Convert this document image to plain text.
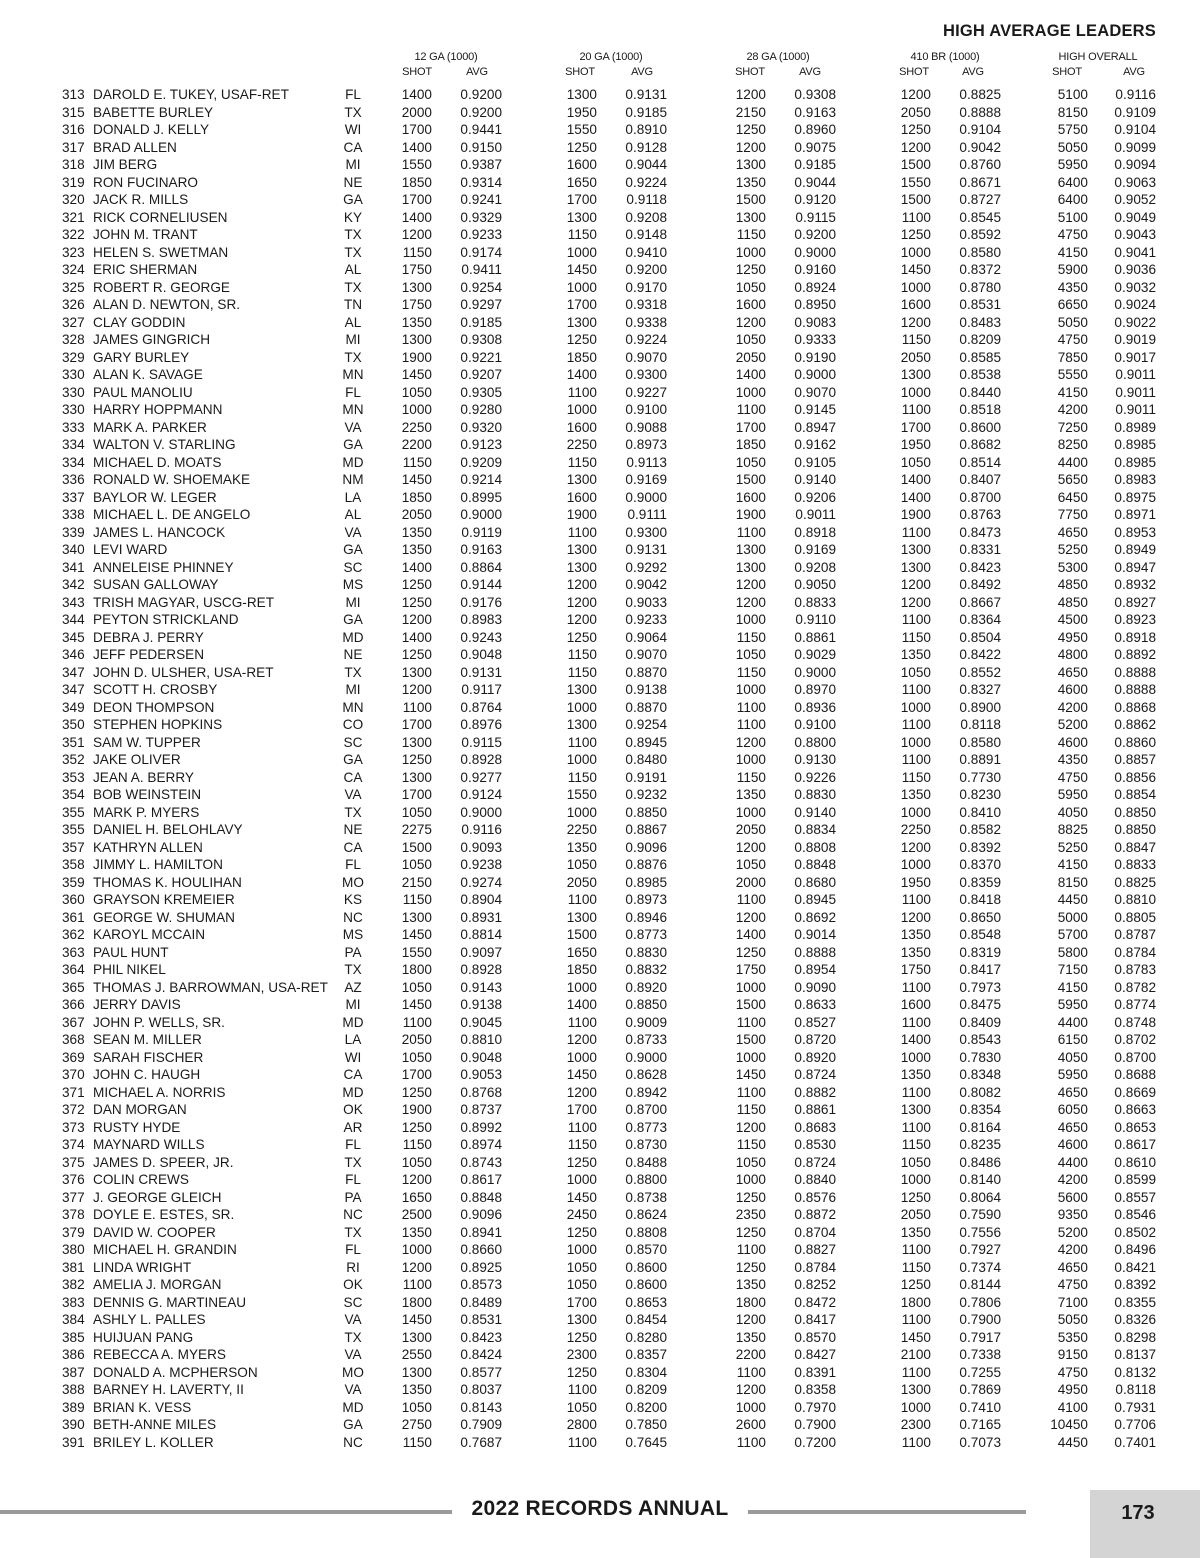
HIGH AVERAGE LEADERS
12 GA (1000)	20 GA (1000)	28 GA (1000)	410 BR (1000)	HIGH OVERALL
SHOT	AVG	SHOT	AVG	SHOT	AVG	SHOT	AVG	SHOT	AVG
313 DAROLD E. TUKEY, USAF-RET	FL	1400	0.9200	1300	0.9131	1200	0.9308	1200	0.8825	5100	0.9116
315 BABETTE BURLEY	TX	2000	0.9200	1950	0.9185	2150	0.9163	2050	0.8888	8150	0.9109
316 DONALD J. KELLY	WI	1700	0.9441	1550	0.8910	1250	0.8960	1250	0.9104	5750	0.9104
317 BRAD ALLEN	CA	1400	0.9150	1250	0.9128	1200	0.9075	1200	0.9042	5050	0.9099
318 JIM BERG	MI	1550	0.9387	1600	0.9044	1300	0.9185	1500	0.8760	5950	0.9094
319 RON FUCINARO	NE	1850	0.9314	1650	0.9224	1350	0.9044	1550	0.8671	6400	0.9063
320 JACK R. MILLS	GA	1700	0.9241	1700	0.9118	1500	0.9120	1500	0.8727	6400	0.9052
321 RICK CORNELIUSEN	KY	1400	0.9329	1300	0.9208	1300	0.9115	1100	0.8545	5100	0.9049
322 JOHN M. TRANT	TX	1200	0.9233	1150	0.9148	1150	0.9200	1250	0.8592	4750	0.9043
323 HELEN S. SWETMAN	TX	1150	0.9174	1000	0.9410	1000	0.9000	1000	0.8580	4150	0.9041
324 ERIC SHERMAN	AL	1750	0.9411	1450	0.9200	1250	0.9160	1450	0.8372	5900	0.9036
325 ROBERT R. GEORGE	TX	1300	0.9254	1000	0.9170	1050	0.8924	1000	0.8780	4350	0.9032
326 ALAN D. NEWTON, SR.	TN	1750	0.9297	1700	0.9318	1600	0.8950	1600	0.8531	6650	0.9024
327 CLAY GODDIN	AL	1350	0.9185	1300	0.9338	1200	0.9083	1200	0.8483	5050	0.9022
328 JAMES GINGRICH	MI	1300	0.9308	1250	0.9224	1050	0.9333	1150	0.8209	4750	0.9019
329 GARY BURLEY	TX	1900	0.9221	1850	0.9070	2050	0.9190	2050	0.8585	7850	0.9017
330 ALAN K. SAVAGE	MN	1450	0.9207	1400	0.9300	1400	0.9000	1300	0.8538	5550	0.9011
330 PAUL MANOLIU	FL	1050	0.9305	1100	0.9227	1000	0.9070	1000	0.8440	4150	0.9011
330 HARRY HOPPMANN	MN	1000	0.9280	1000	0.9100	1100	0.9145	1100	0.8518	4200	0.9011
333 MARK A. PARKER	VA	2250	0.9320	1600	0.9088	1700	0.8947	1700	0.8600	7250	0.8989
334 WALTON V. STARLING	GA	2200	0.9123	2250	0.8973	1850	0.9162	1950	0.8682	8250	0.8985
334 MICHAEL D. MOATS	MD	1150	0.9209	1150	0.9113	1050	0.9105	1050	0.8514	4400	0.8985
336 RONALD W. SHOEMAKE	NM	1450	0.9214	1300	0.9169	1500	0.9140	1400	0.8407	5650	0.8983
337 BAYLOR W. LEGER	LA	1850	0.8995	1600	0.9000	1600	0.9206	1400	0.8700	6450	0.8975
338 MICHAEL L. DE ANGELO	AL	2050	0.9000	1900	0.9111	1900	0.9011	1900	0.8763	7750	0.8971
339 JAMES L. HANCOCK	VA	1350	0.9119	1100	0.9300	1100	0.8918	1100	0.8473	4650	0.8953
340 LEVI WARD	GA	1350	0.9163	1300	0.9131	1300	0.9169	1300	0.8331	5250	0.8949
341 ANNELEISE PHINNEY	SC	1400	0.8864	1300	0.9292	1300	0.9208	1300	0.8423	5300	0.8947
342 SUSAN GALLOWAY	MS	1250	0.9144	1200	0.9042	1200	0.9050	1200	0.8492	4850	0.8932
343 TRISH MAGYAR, USCG-RET	MI	1250	0.9176	1200	0.9033	1200	0.8833	1200	0.8667	4850	0.8927
344 PEYTON STRICKLAND	GA	1200	0.8983	1200	0.9233	1000	0.9110	1100	0.8364	4500	0.8923
345 DEBRA J. PERRY	MD	1400	0.9243	1250	0.9064	1150	0.8861	1150	0.8504	4950	0.8918
346 JEFF PEDERSEN	NE	1250	0.9048	1150	0.9070	1050	0.9029	1350	0.8422	4800	0.8892
347 JOHN D. ULSHER, USA-RET	TX	1300	0.9131	1150	0.8870	1150	0.9000	1050	0.8552	4650	0.8888
347 SCOTT H. CROSBY	MI	1200	0.9117	1300	0.9138	1000	0.8970	1100	0.8327	4600	0.8888
349 DEON THOMPSON	MN	1100	0.8764	1000	0.8870	1100	0.8936	1000	0.8900	4200	0.8868
350 STEPHEN HOPKINS	CO	1700	0.8976	1300	0.9254	1100	0.9100	1100	0.8118	5200	0.8862
351 SAM W. TUPPER	SC	1300	0.9115	1100	0.8945	1200	0.8800	1000	0.8580	4600	0.8860
352 JAKE OLIVER	GA	1250	0.8928	1000	0.8480	1000	0.9130	1100	0.8891	4350	0.8857
353 JEAN A. BERRY	CA	1300	0.9277	1150	0.9191	1150	0.9226	1150	0.7730	4750	0.8856
354 BOB WEINSTEIN	VA	1700	0.9124	1550	0.9232	1350	0.8830	1350	0.8230	5950	0.8854
355 MARK P. MYERS	TX	1050	0.9000	1000	0.8850	1000	0.9140	1000	0.8410	4050	0.8850
355 DANIEL H. BELOHLAVY	NE	2275	0.9116	2250	0.8867	2050	0.8834	2250	0.8582	8825	0.8850
357 KATHRYN ALLEN	CA	1500	0.9093	1350	0.9096	1200	0.8808	1200	0.8392	5250	0.8847
358 JIMMY L. HAMILTON	FL	1050	0.9238	1050	0.8876	1050	0.8848	1000	0.8370	4150	0.8833
359 THOMAS K. HOULIHAN	MO	2150	0.9274	2050	0.8985	2000	0.8680	1950	0.8359	8150	0.8825
360 GRAYSON KREMEIER	KS	1150	0.8904	1100	0.8973	1100	0.8945	1100	0.8418	4450	0.8810
361 GEORGE W. SHUMAN	NC	1300	0.8931	1300	0.8946	1200	0.8692	1200	0.8650	5000	0.8805
362 KAROYL MCCAIN	MS	1450	0.8814	1500	0.8773	1400	0.9014	1350	0.8548	5700	0.8787
363 PAUL HUNT	PA	1550	0.9097	1650	0.8830	1250	0.8888	1350	0.8319	5800	0.8784
364 PHIL NIKEL	TX	1800	0.8928	1850	0.8832	1750	0.8954	1750	0.8417	7150	0.8783
365 THOMAS J. BARROWMAN, USA-RET	AZ	1050	0.9143	1000	0.8920	1000	0.9090	1100	0.7973	4150	0.8782
366 JERRY DAVIS	MI	1450	0.9138	1400	0.8850	1500	0.8633	1600	0.8475	5950	0.8774
367 JOHN P. WELLS, SR.	MD	1100	0.9045	1100	0.9009	1100	0.8527	1100	0.8409	4400	0.8748
368 SEAN M. MILLER	LA	2050	0.8810	1200	0.8733	1500	0.8720	1400	0.8543	6150	0.8702
369 SARAH FISCHER	WI	1050	0.9048	1000	0.9000	1000	0.8920	1000	0.7830	4050	0.8700
370 JOHN C. HAUGH	CA	1700	0.9053	1450	0.8628	1450	0.8724	1350	0.8348	5950	0.8688
371 MICHAEL A. NORRIS	MD	1250	0.8768	1200	0.8942	1100	0.8882	1100	0.8082	4650	0.8669
372 DAN MORGAN	OK	1900	0.8737	1700	0.8700	1150	0.8861	1300	0.8354	6050	0.8663
373 RUSTY HYDE	AR	1250	0.8992	1100	0.8773	1200	0.8683	1100	0.8164	4650	0.8653
374 MAYNARD WILLS	FL	1150	0.8974	1150	0.8730	1150	0.8530	1150	0.8235	4600	0.8617
375 JAMES D. SPEER, JR.	TX	1050	0.8743	1250	0.8488	1050	0.8724	1050	0.8486	4400	0.8610
376 COLIN CREWS	FL	1200	0.8617	1000	0.8800	1000	0.8840	1000	0.8140	4200	0.8599
377 J. GEORGE GLEICH	PA	1650	0.8848	1450	0.8738	1250	0.8576	1250	0.8064	5600	0.8557
378 DOYLE E. ESTES, SR.	NC	2500	0.9096	2450	0.8624	2350	0.8872	2050	0.7590	9350	0.8546
379 DAVID W. COOPER	TX	1350	0.8941	1250	0.8808	1250	0.8704	1350	0.7556	5200	0.8502
380 MICHAEL H. GRANDIN	FL	1000	0.8660	1000	0.8570	1100	0.8827	1100	0.7927	4200	0.8496
381 LINDA WRIGHT	RI	1200	0.8925	1050	0.8600	1250	0.8784	1150	0.7374	4650	0.8421
382 AMELIA J. MORGAN	OK	1100	0.8573	1050	0.8600	1350	0.8252	1250	0.8144	4750	0.8392
383 DENNIS G. MARTINEAU	SC	1800	0.8489	1700	0.8653	1800	0.8472	1800	0.7806	7100	0.8355
384 ASHLY L. PALLES	VA	1450	0.8531	1300	0.8454	1200	0.8417	1100	0.7900	5050	0.8326
385 HUIJUAN PANG	TX	1300	0.8423	1250	0.8280	1350	0.8570	1450	0.7917	5350	0.8298
386 REBECCA A. MYERS	VA	2550	0.8424	2300	0.8357	2200	0.8427	2100	0.7338	9150	0.8137
387 DONALD A. MCPHERSON	MO	1300	0.8577	1250	0.8304	1100	0.8391	1100	0.7255	4750	0.8132
388 BARNEY H. LAVERTY, II	VA	1350	0.8037	1100	0.8209	1200	0.8358	1300	0.7869	4950	0.8118
389 BRIAN K. VESS	MD	1050	0.8143	1050	0.8200	1000	0.7970	1000	0.7410	4100	0.7931
390 BETH-ANNE MILES	GA	2750	0.7909	2800	0.7850	2600	0.7900	2300	0.7165	10450	0.7706
391 BRILEY L. KOLLER	NC	1150	0.7687	1100	0.7645	1100	0.7200	1100	0.7073	4450	0.7401
2022 RECORDS ANNUAL	173
